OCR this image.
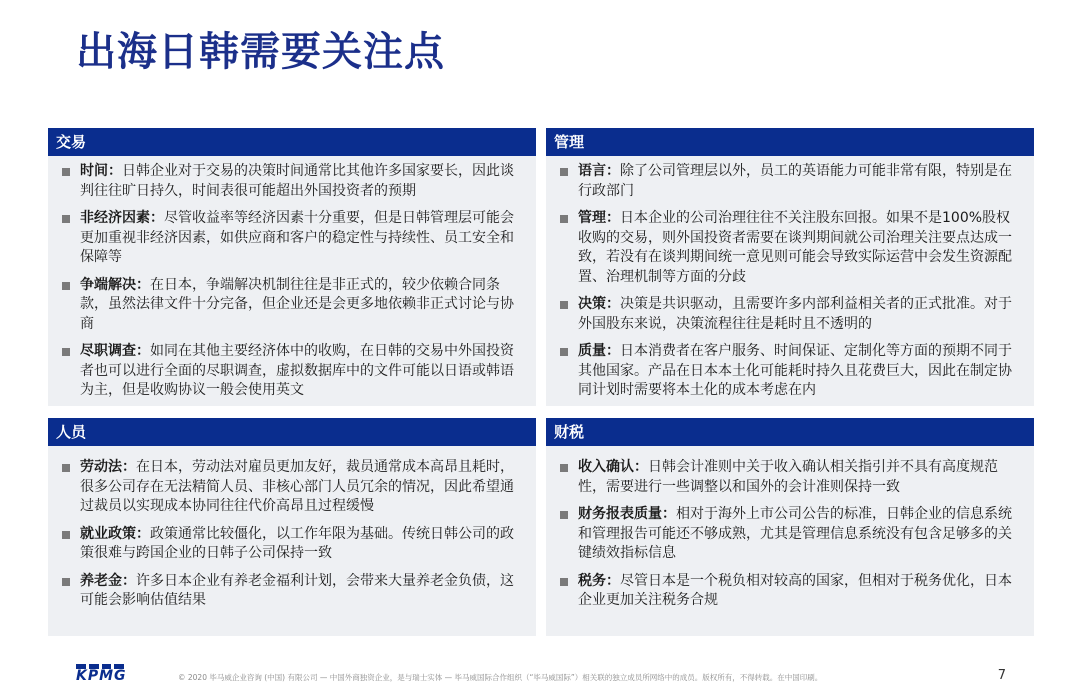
出海日韩需要关注点
交易
时间：日韩企业对于交易的决策时间通常比其他许多国家要长，因此谈判往往旷日持久，时间表很可能超出外国投资者的预期
非经济因素：尽管收益率等经济因素十分重要，但是日韩管理层可能会更加重视非经济因素，如供应商和客户的稳定性与持续性、员工安全和保障等
争端解决：在日本，争端解决机制往往是非正式的，较少依赖合同条款，虽然法律文件十分完备，但企业还是会更多地依赖非正式讨论与协商
尽职调查：如同在其他主要经济体中的收购，在日韩的交易中外国投资者也可以进行全面的尽职调查，虚拟数据库中的文件可能以日语或韩语为主，但是收购协议一般会使用英文
管理
语言：除了公司管理层以外，员工的英语能力可能非常有限，特别是在行政部门
管理：日本企业的公司治理往往不关注股东回报。如果不是100%股权收购的交易，则外国投资者需要在谈判期间就公司治理关注要点达成一致，若没有在谈判期间统一意见则可能会导致实际运营中会发生资源配置、治理机制等方面的分歧
决策：决策是共识驱动，且需要许多内部利益相关者的正式批准。对于外国股东来说，决策流程往往是耗时且不透明的
质量：日本消费者在客户服务、时间保证、定制化等方面的预期不同于其他国家。产品在日本本土化可能耗时持久且花费巨大，因此在制定协同计划时需要将本土化的成本考虑在内
人员
劳动法：在日本，劳动法对雇员更加友好，裁员通常成本高昂且耗时，很多公司存在无法精简人员、非核心部门人员冗余的情况，因此希望通过裁员以实现成本协同往往代价高昂且过程缓慢
就业政策：政策通常比较僵化，以工作年限为基础。传统日韩公司的政策很难与跨国企业的日韩子公司保持一致
养老金：许多日本企业有养老金福利计划，会带来大量养老金负债，这可能会影响估值结果
财税
收入确认：日韩会计准则中关于收入确认相关指引并不具有高度规范性，需要进行一些调整以和国外的会计准则保持一致
财务报表质量：相对于海外上市公司公告的标准，日韩企业的信息系统和管理报告可能还不够成熟，尤其是管理信息系统没有包含足够多的关键绩效指标信息
税务：尽管日本是一个税负相对较高的国家，但相对于税务优化，日本企业更加关注税务合规
KPMG	© 2020 毕马威企业咨询 (中国) 有限公司 — 中国外商独资企业，是与瑞士实体 — 毕马威国际合作组织（“毕马威国际”）相关联的独立成员所网络中的成员。版权所有，不得转载。在中国印刷。	7
